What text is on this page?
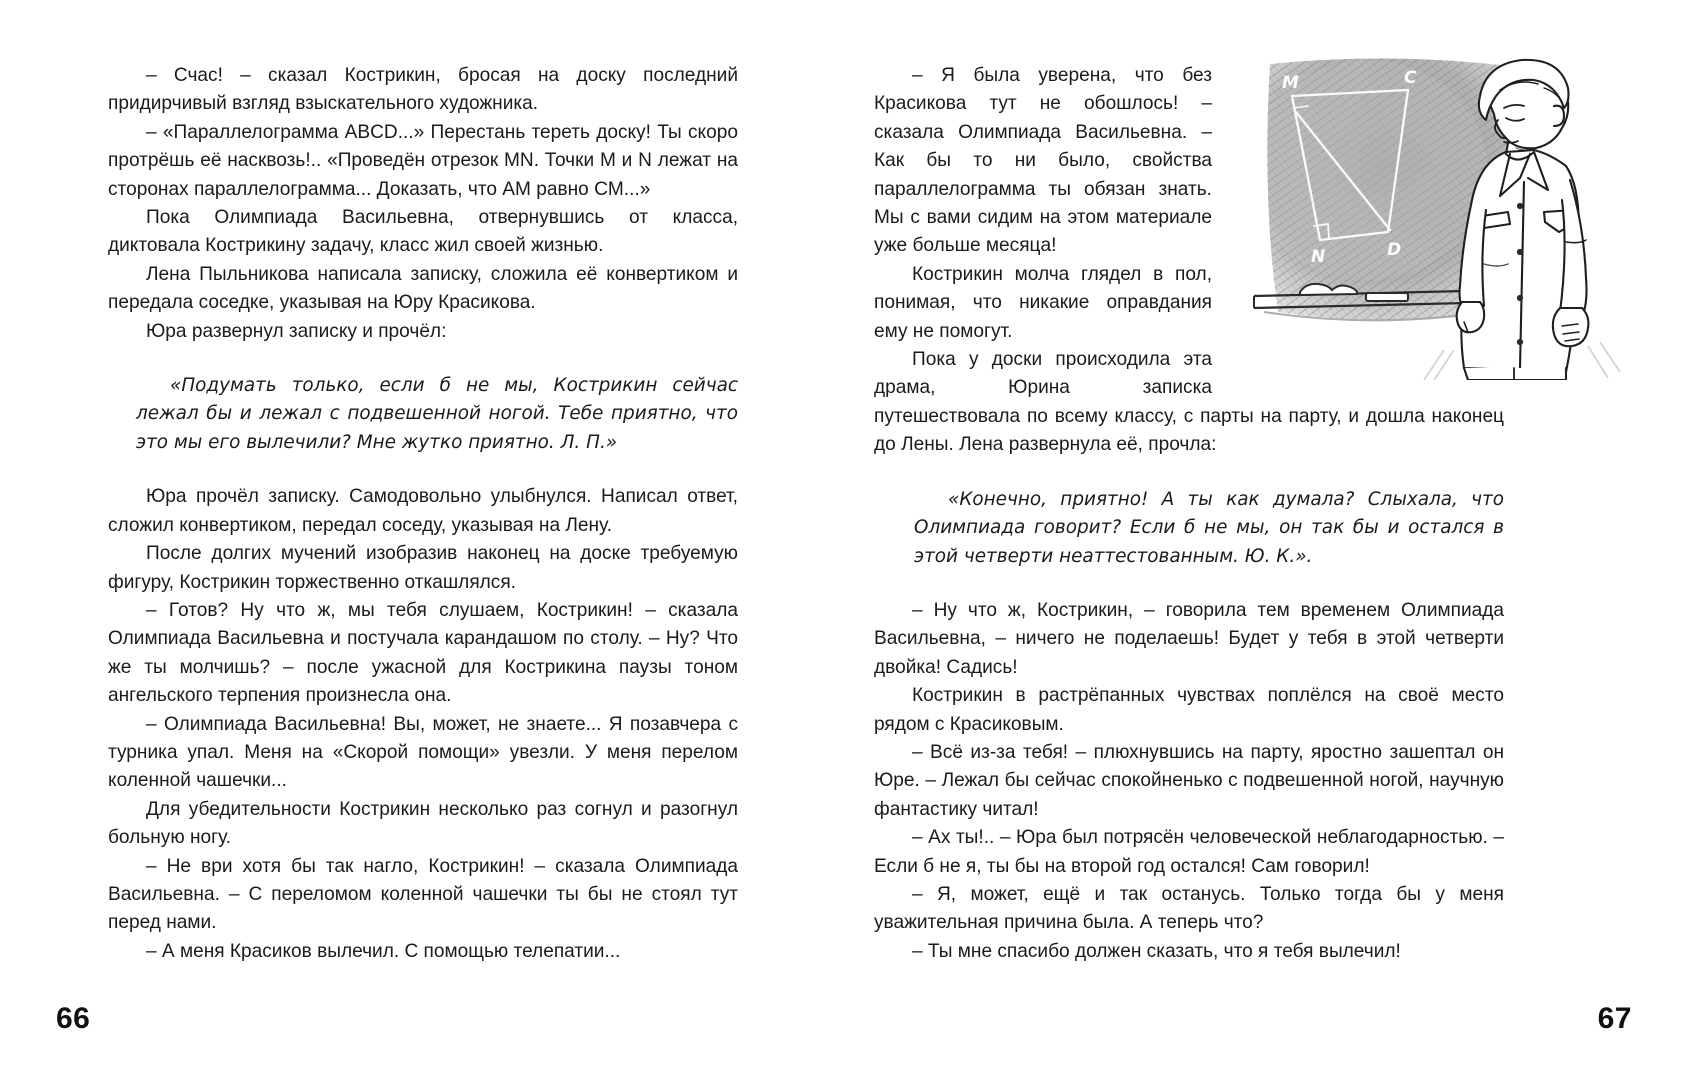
– Счас! – сказал Кострикин, бросая на доску последний придирчивый взгляд взыскательного художника.

– «Параллелограмма ABCD...» Перестань тереть доску! Ты скоро протрёшь её насквозь!.. «Проведён отрезок MN. Точки M и N лежат на сторонах параллелограмма... Доказать, что AM равно CM...»

Пока Олимпиада Васильевна, отвернувшись от класса, диктовала Кострикину задачу, класс жил своей жизнью.

Лена Пыльникова написала записку, сложила её конвертиком и передала соседке, указывая на Юру Красикова.

Юра развернул записку и прочёл:

«Подумать только, если б не мы, Кострикин сейчас лежал бы и лежал с подвешенной ногой. Тебе приятно, что это мы его вылечили? Мне жутко приятно. Л. П.»

Юра прочёл записку. Самодовольно улыбнулся. Написал ответ, сложил конвертиком, передал соседу, указывая на Лену.

После долгих мучений изобразив наконец на доске требуемую фигуру, Кострикин торжественно откашлялся.

– Готов? Ну что ж, мы тебя слушаем, Кострикин! – сказала Олимпиада Васильевна и постучала карандашом по столу. – Ну? Что же ты молчишь? – после ужасной для Кострикина паузы тоном ангельского терпения произнесла она.

– Олимпиада Васильевна! Вы, может, не знаете... Я позавчера с турника упал. Меня на «Скорой помощи» увезли. У меня перелом коленной чашечки...

Для убедительности Кострикин несколько раз согнул и разогнул больную ногу.

– Не ври хотя бы так нагло, Кострикин! – сказала Олимпиада Васильевна. – С переломом коленной чашечки ты бы не стоял тут перед нами.

– А меня Красиков вылечил. С помощью телепатии...

66
M	C
N	D

– Я была уверена, что без Красикова тут не обошлось! – сказала Олимпиада Васильевна. – Как бы то ни было, свойства параллелограмма ты обязан знать. Мы с вами сидим на этом материале уже больше месяца!

Кострикин молча глядел в пол, понимая, что никакие оправдания ему не помогут.

Пока у доски происходила эта драма, Юрина записка путешествовала по всему классу, с парты на парту, и дошла наконец до Лены. Лена развернула её, прочла:

«Конечно, приятно! А ты как думала? Слыхала, что Олимпиада говорит? Если б не мы, он так бы и остался в этой четверти неаттестованным. Ю. К.».

– Ну что ж, Кострикин, – говорила тем временем Олимпиада Васильевна, – ничего не поделаешь! Будет у тебя в этой четверти двойка! Садись!

Кострикин в растрёпанных чувствах поплёлся на своё место рядом с Красиковым.

– Всё из-за тебя! – плюхнувшись на парту, яростно зашептал он Юре. – Лежал бы сейчас спокойненько с подвешенной ногой, научную фантастику читал!

– Ах ты!.. – Юра был потрясён человеческой неблагодарностью. – Если б не я, ты бы на второй год остался! Сам говорил!

– Я, может, ещё и так останусь. Только тогда бы у меня уважительная причина была. А теперь что?

– Ты мне спасибо должен сказать, что я тебя вылечил!

67
